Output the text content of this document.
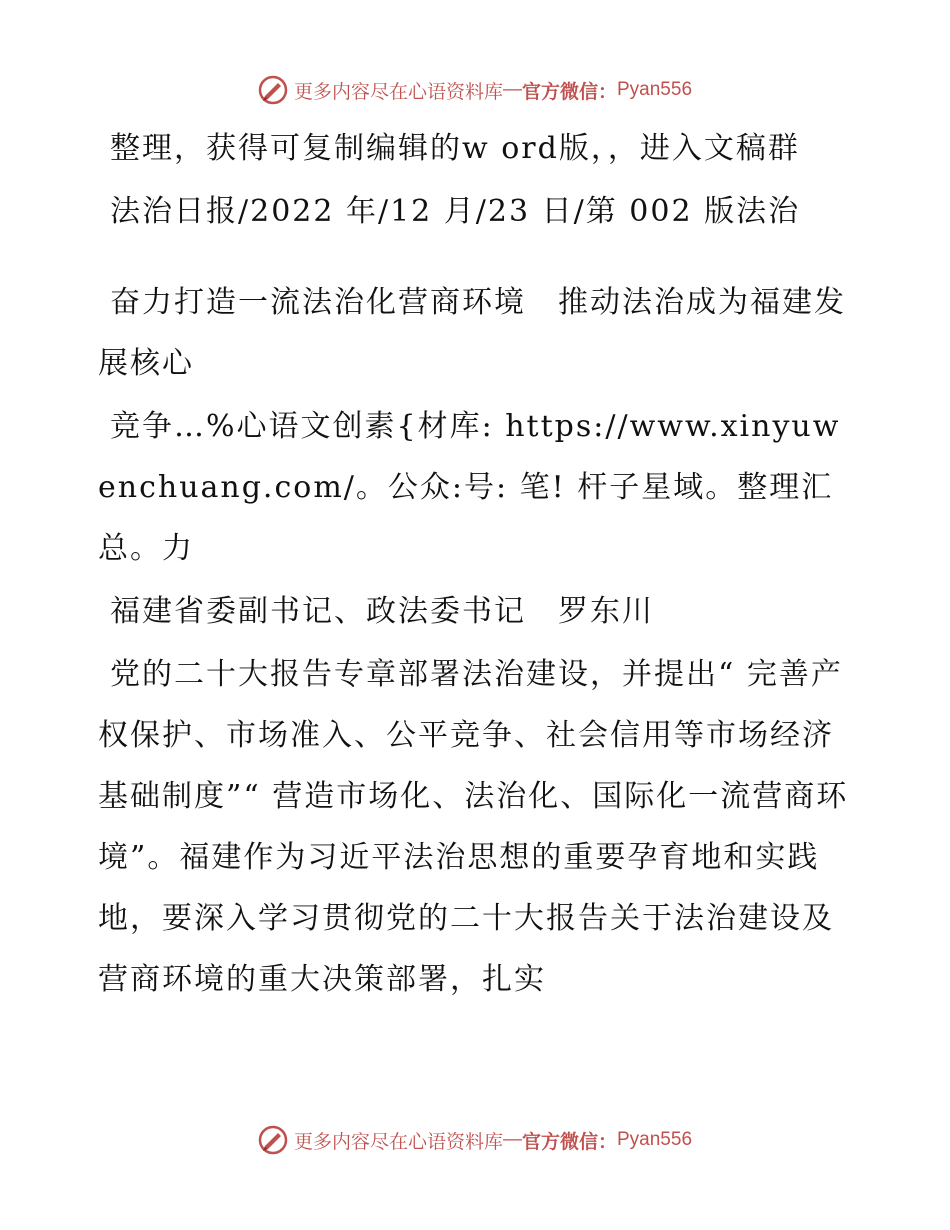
更多内容尽在心语资料库 — 官方微信： Pyan556

整理，获得可复制编辑的w ord版，，进入文稿群

法治日报/2022 年/12 月/23 日/第 002 版法治

奋力打造一流法治化营商环境　推动法治成为福建发展核心

竞争…%心语文创素{材库: https://www.xinyuwenchuang.com/。公众:号: 笔! 杆子星域。整理汇总。力

福建省委副书记、政法委书记　罗东川

党的二十大报告专章部署法治建设，并提出“ 完善产权保护、市场准入、公平竞争、社会信用等市场经济基础制度”“ 营造市场化、法治化、国际化一流营商环境”。福建作为习近平法治思想的重要孕育地和实践地，要深入学习贯彻党的二十大报告关于法治建设及营商环境的重大决策部署，扎实

更多内容尽在心语资料库 — 官方微信： Pyan556
